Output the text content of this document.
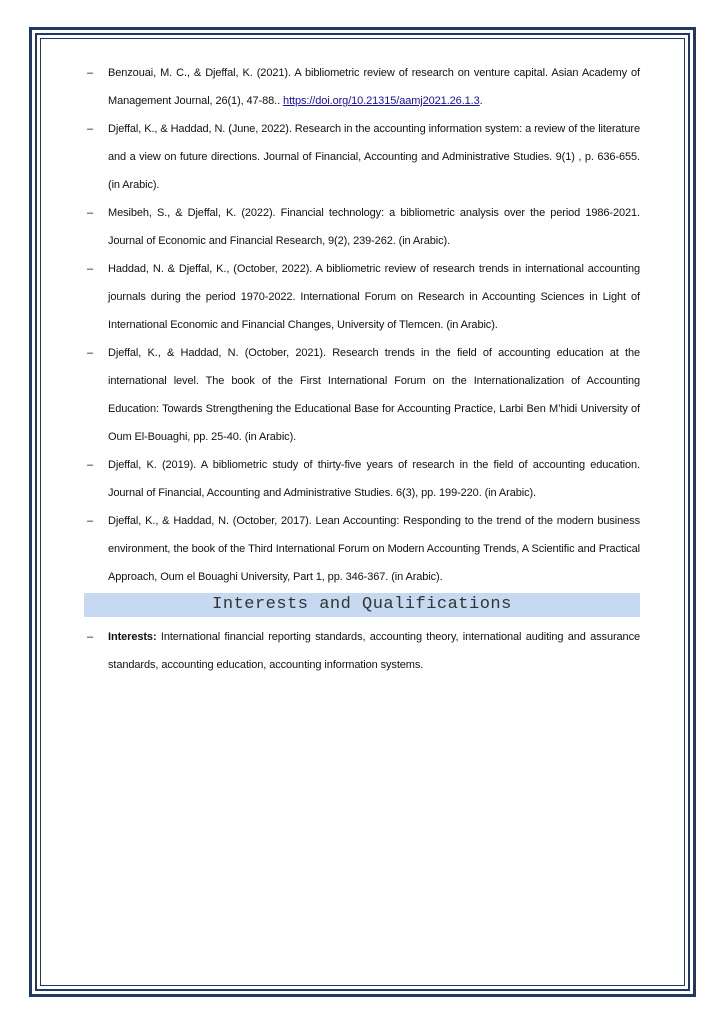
–	Benzouai, M. C., & Djeffal, K. (2021). A bibliometric review of research on venture capital. Asian Academy of Management Journal, 26(1), 47-88.. https://doi.org/10.21315/aamj2021.26.1.3.
–	Djeffal, K., & Haddad, N. (June, 2022). Research in the accounting information system: a review of the literature and a view on future directions. Journal of Financial, Accounting and Administrative Studies. 9(1) , p. 636-655. (in Arabic).
–	Mesibeh, S., & Djeffal, K. (2022). Financial technology: a bibliometric analysis over the period 1986-2021. Journal of Economic and Financial Research, 9(2), 239-262. (in Arabic).
–	Haddad, N. & Djeffal, K., (October, 2022). A bibliometric review of research trends in international accounting journals during the period 1970-2022. International Forum on Research in Accounting Sciences in Light of International Economic and Financial Changes, University of Tlemcen. (in Arabic).
–	Djeffal, K., & Haddad, N. (October, 2021). Research trends in the field of accounting education at the international level. The book of the First International Forum on the Internationalization of Accounting Education: Towards Strengthening the Educational Base for Accounting Practice, Larbi Ben M’hidi University of Oum El-Bouaghi, pp. 25-40. (in Arabic).
–	Djeffal, K. (2019). A bibliometric study of thirty-five years of research in the field of accounting education. Journal of Financial, Accounting and Administrative Studies. 6(3), pp. 199-220. (in Arabic).
–	Djeffal, K., & Haddad, N. (October, 2017). Lean Accounting: Responding to the trend of the modern business environment, the book of the Third International Forum on Modern Accounting Trends, A Scientific and Practical Approach, Oum el Bouaghi University, Part 1, pp. 346-367. (in Arabic).
Interests and Qualifications
–	Interests: International financial reporting standards, accounting theory, international auditing and assurance standards, accounting education, accounting information systems.
